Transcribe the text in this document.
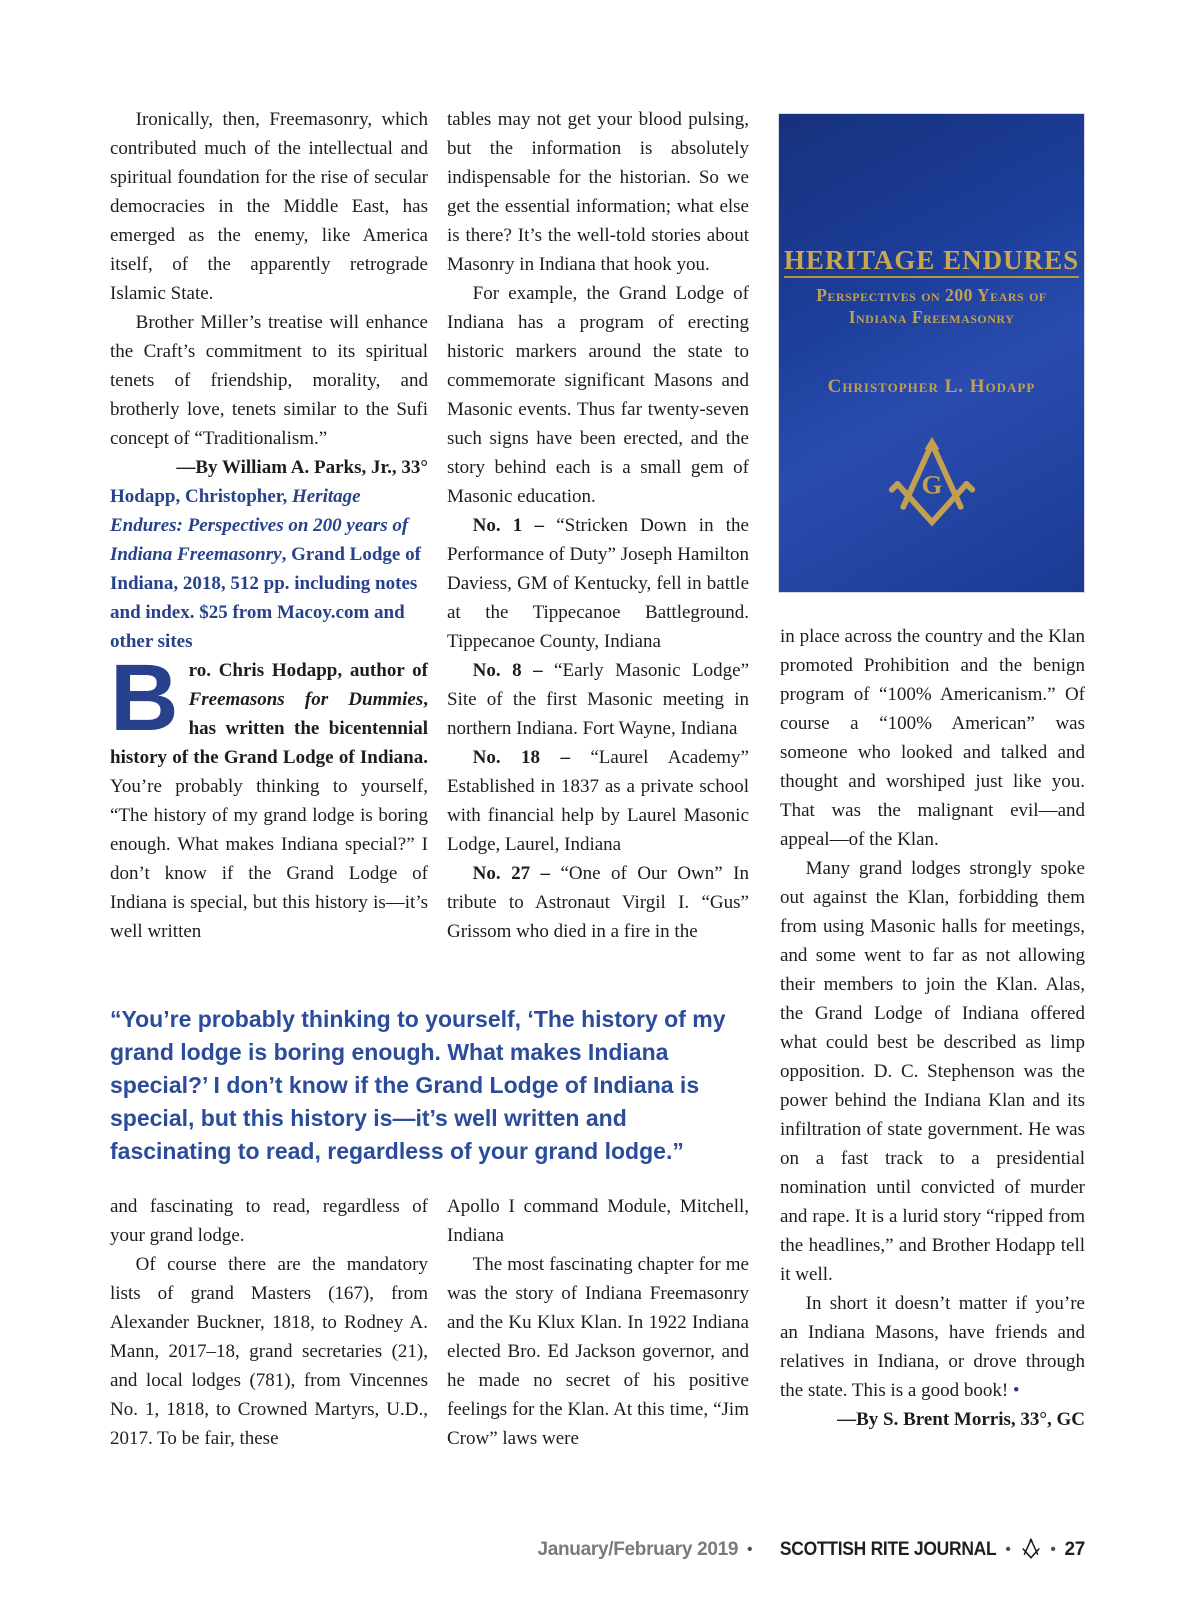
Ironically, then, Freemasonry, which contributed much of the intellectual and spiritual foundation for the rise of secular democracies in the Middle East, has emerged as the enemy, like America itself, of the apparently retrograde Islamic State.

Brother Miller’s treatise will enhance the Craft’s commitment to its spiritual tenets of friendship, morality, and brotherly love, tenets similar to the Sufi concept of “Traditionalism.”

—By William A. Parks, Jr., 33°

Hodapp, Christopher, Heritage Endures: Perspectives on 200 years of Indiana Freemasonry, Grand Lodge of Indiana, 2018, 512 pp. including notes and index. $25 from Macoy.com and other sites

Bro. Chris Hodapp, author of Freemasons for Dummies, has written the bicentennial history of the Grand Lodge of Indiana. You’re probably thinking to yourself, “The history of my grand lodge is boring enough. What makes Indiana special?” I don’t know if the Grand Lodge of Indiana is special, but this history is—it’s well written

tables may not get your blood pulsing, but the information is absolutely indispensable for the historian. So we get the essential information; what else is there? It’s the well-told stories about Masonry in Indiana that hook you.

For example, the Grand Lodge of Indiana has a program of erecting historic markers around the state to commemorate significant Masons and Masonic events. Thus far twenty-seven such signs have been erected, and the story behind each is a small gem of Masonic education.

No. 1 – “Stricken Down in the Performance of Duty” Joseph Hamilton Daviess, GM of Kentucky, fell in battle at the Tippecanoe Battleground. Tippecanoe County, Indiana

No. 8 – “Early Masonic Lodge” Site of the first Masonic meeting in northern Indiana. Fort Wayne, Indiana

No. 18 – “Laurel Academy” Established in 1837 as a private school with financial help by Laurel Masonic Lodge, Laurel, Indiana

No. 27 – “One of Our Own” In tribute to Astronaut Virgil I. “Gus” Grissom who died in a fire in the

HERITAGE ENDURES
Perspectives on 200 Years of
Indiana Freemasonry
Christopher L. Hodapp
G

in place across the country and the Klan promoted Prohibition and the benign program of “100% Americanism.” Of course a “100% American” was someone who looked and talked and thought and worshiped just like you. That was the malignant evil—and appeal—of the Klan.

Many grand lodges strongly spoke out against the Klan, forbidding them from using Masonic halls for meetings, and some went to far as not allowing their members to join the Klan. Alas, the Grand Lodge of Indiana offered what could best be described as limp opposition. D. C. Stephenson was the power behind the Indiana Klan and its infiltration of state government. He was on a fast track to a presidential nomination until convicted of murder and rape. It is a lurid story “ripped from the headlines,” and Brother Hodapp tell it well.

In short it doesn’t matter if you’re an Indiana Masons, have friends and relatives in Indiana, or drove through the state. This is a good book! •

—By S. Brent Morris, 33°, GC

“You’re probably thinking to yourself, ‘The history of my grand lodge is boring enough. What makes Indiana special?’ I don’t know if the Grand Lodge of Indiana is special, but this history is—it’s well written and fascinating to read, regardless of your grand lodge.”

and fascinating to read, regardless of your grand lodge.

Of course there are the mandatory lists of grand Masters (167), from Alexander Buckner, 1818, to Rodney A. Mann, 2017–18, grand secretaries (21), and local lodges (781), from Vincennes No. 1, 1818, to Crowned Martyrs, U.D., 2017. To be fair, these

Apollo I command Module, Mitchell, Indiana

The most fascinating chapter for me was the story of Indiana Freemasonry and the Ku Klux Klan. In 1922 Indiana elected Bro. Ed Jackson governor, and he made no secret of his positive feelings for the Klan. At this time, “Jim Crow” laws were

January/February 2019 • SCOTTISH RITE JOURNAL •	• 27
